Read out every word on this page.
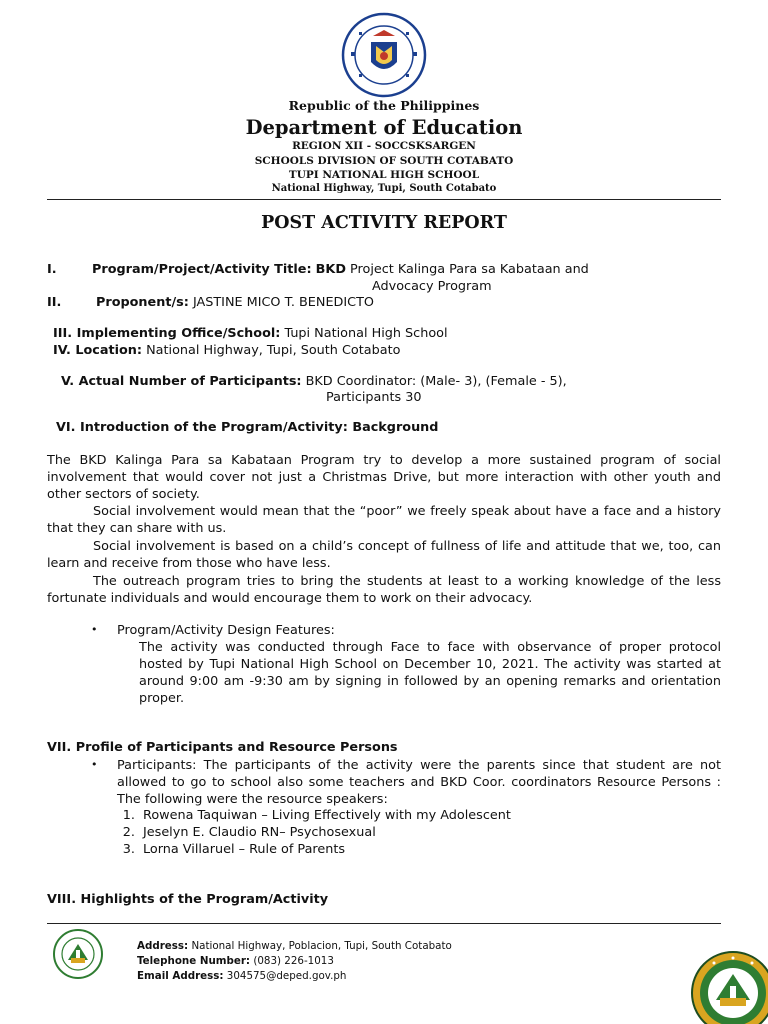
Republic of the Philippines
Department of Education
REGION XII - SOCCSKSARGEN
SCHOOLS DIVISION OF SOUTH COTABATO
TUPI NATIONAL HIGH SCHOOL
National Highway, Tupi, South Cotabato
POST ACTIVITY REPORT
I.	Program/Project/Activity Title: BKD Project Kalinga Para sa Kabataan and
Advocacy Program
II.	Proponent/s: JASTINE MICO T. BENEDICTO
III. Implementing Office/School: Tupi National High School
IV. Location: National Highway, Tupi, South Cotabato
V. Actual Number of Participants: BKD Coordinator: (Male- 3), (Female - 5),
Participants 30
VI. Introduction of the Program/Activity: Background
The BKD Kalinga Para sa Kabataan Program try to develop a more sustained program of social involvement that would cover not just a Christmas Drive, but more interaction with other youth and other sectors of society.
Social involvement would mean that the “poor” we freely speak about have a face and a history that they can share with us.
Social involvement is based on a child’s concept of fullness of life and attitude that we, too, can learn and receive from those who have less.
The outreach program tries to bring the students at least to a working knowledge of the less fortunate individuals and would encourage them to work on their advocacy.
• Program/Activity Design Features:
The activity was conducted through Face to face with observance of proper protocol hosted by Tupi National High School on December 10, 2021. The activity was started at around 9:00 am -9:30 am by signing in followed by an opening remarks and orientation proper.
VII. Profile of Participants and Resource Persons
• Participants: The participants of the activity were the parents since that student are not allowed to go to school also some teachers and BKD Coor. coordinators Resource Persons : The following were the resource speakers:
1. Rowena Taquiwan – Living Effectively with my Adolescent
2. Jeselyn E. Claudio RN– Psychosexual
3. Lorna Villaruel – Rule of Parents
VIII. Highlights of the Program/Activity
Address: National Highway, Poblacion, Tupi, South Cotabato
Telephone Number: (083) 226-1013
Email Address: 304575@deped.gov.ph
